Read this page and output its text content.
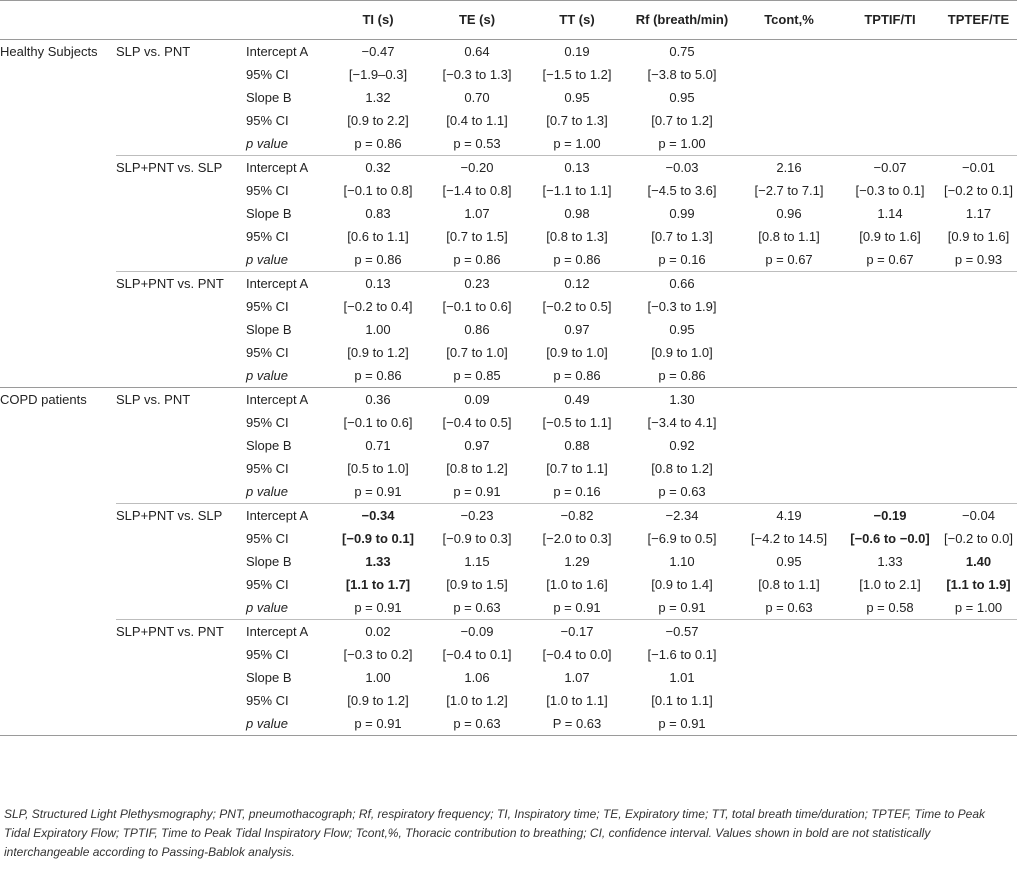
			TI (s)	TE (s)	TT (s)	Rf (breath/min)	Tcont,%	TPTIF/TI	TPTEF/TE
Healthy Subjects	SLP vs. PNT	Intercept A	−0.47	0.64	0.19	0.75			
		95% CI	[−1.9–0.3]	[−0.3 to 1.3]	[−1.5 to 1.2]	[−3.8 to 5.0]			
		Slope B	1.32	0.70	0.95	0.95			
		95% CI	[0.9 to 2.2]	[0.4 to 1.1]	[0.7 to 1.3]	[0.7 to 1.2]			
		p value	p = 0.86	p = 0.53	p = 1.00	p = 1.00			
	SLP+PNT vs. SLP	Intercept A	0.32	−0.20	0.13	−0.03	2.16	−0.07	−0.01
		95% CI	[−0.1 to 0.8]	[−1.4 to 0.8]	[−1.1 to 1.1]	[−4.5 to 3.6]	[−2.7 to 7.1]	[−0.3 to 0.1]	[−0.2 to 0.1]
		Slope B	0.83	1.07	0.98	0.99	0.96	1.14	1.17
		95% CI	[0.6 to 1.1]	[0.7 to 1.5]	[0.8 to 1.3]	[0.7 to 1.3]	[0.8 to 1.1]	[0.9 to 1.6]	[0.9 to 1.6]
		p value	p = 0.86	p = 0.86	p = 0.86	p = 0.16	p = 0.67	p = 0.67	p = 0.93
	SLP+PNT vs. PNT	Intercept A	0.13	0.23	0.12	0.66			
		95% CI	[−0.2 to 0.4]	[−0.1 to 0.6]	[−0.2 to 0.5]	[−0.3 to 1.9]			
		Slope B	1.00	0.86	0.97	0.95			
		95% CI	[0.9 to 1.2]	[0.7 to 1.0]	[0.9 to 1.0]	[0.9 to 1.0]			
		p value	p = 0.86	p = 0.85	p = 0.86	p = 0.86			
COPD patients	SLP vs. PNT	Intercept A	0.36	0.09	0.49	1.30			
		95% CI	[−0.1 to 0.6]	[−0.4 to 0.5]	[−0.5 to 1.1]	[−3.4 to 4.1]			
		Slope B	0.71	0.97	0.88	0.92			
		95% CI	[0.5 to 1.0]	[0.8 to 1.2]	[0.7 to 1.1]	[0.8 to 1.2]			
		p value	p = 0.91	p = 0.91	p = 0.16	p = 0.63			
	SLP+PNT vs. SLP	Intercept A	−0.34	−0.23	−0.82	−2.34	4.19	−0.19	−0.04
		95% CI	[−0.9 to 0.1]	[−0.9 to 0.3]	[−2.0 to 0.3]	[−6.9 to 0.5]	[−4.2 to 14.5]	[−0.6 to −0.0]	[−0.2 to 0.0]
		Slope B	1.33	1.15	1.29	1.10	0.95	1.33	1.40
		95% CI	[1.1 to 1.7]	[0.9 to 1.5]	[1.0 to 1.6]	[0.9 to 1.4]	[0.8 to 1.1]	[1.0 to 2.1]	[1.1 to 1.9]
		p value	p = 0.91	p = 0.63	p = 0.91	p = 0.91	p = 0.63	p = 0.58	p = 1.00
	SLP+PNT vs. PNT	Intercept A	0.02	−0.09	−0.17	−0.57			
		95% CI	[−0.3 to 0.2]	[−0.4 to 0.1]	[−0.4 to 0.0]	[−1.6 to 0.1]			
		Slope B	1.00	1.06	1.07	1.01			
		95% CI	[0.9 to 1.2]	[1.0 to 1.2]	[1.0 to 1.1]	[0.1 to 1.1]			
		p value	p = 0.91	p = 0.63	P = 0.63	p = 0.91			
SLP, Structured Light Plethysmography; PNT, pneumothacograph; Rf, respiratory frequency; TI, Inspiratory time; TE, Expiratory time; TT, total breath time/duration; TPTEF, Time to Peak Tidal Expiratory Flow; TPTIF, Time to Peak Tidal Inspiratory Flow; Tcont,%, Thoracic contribution to breathing; CI, confidence interval. Values shown in bold are not statistically interchangeable according to Passing-Bablok analysis.
